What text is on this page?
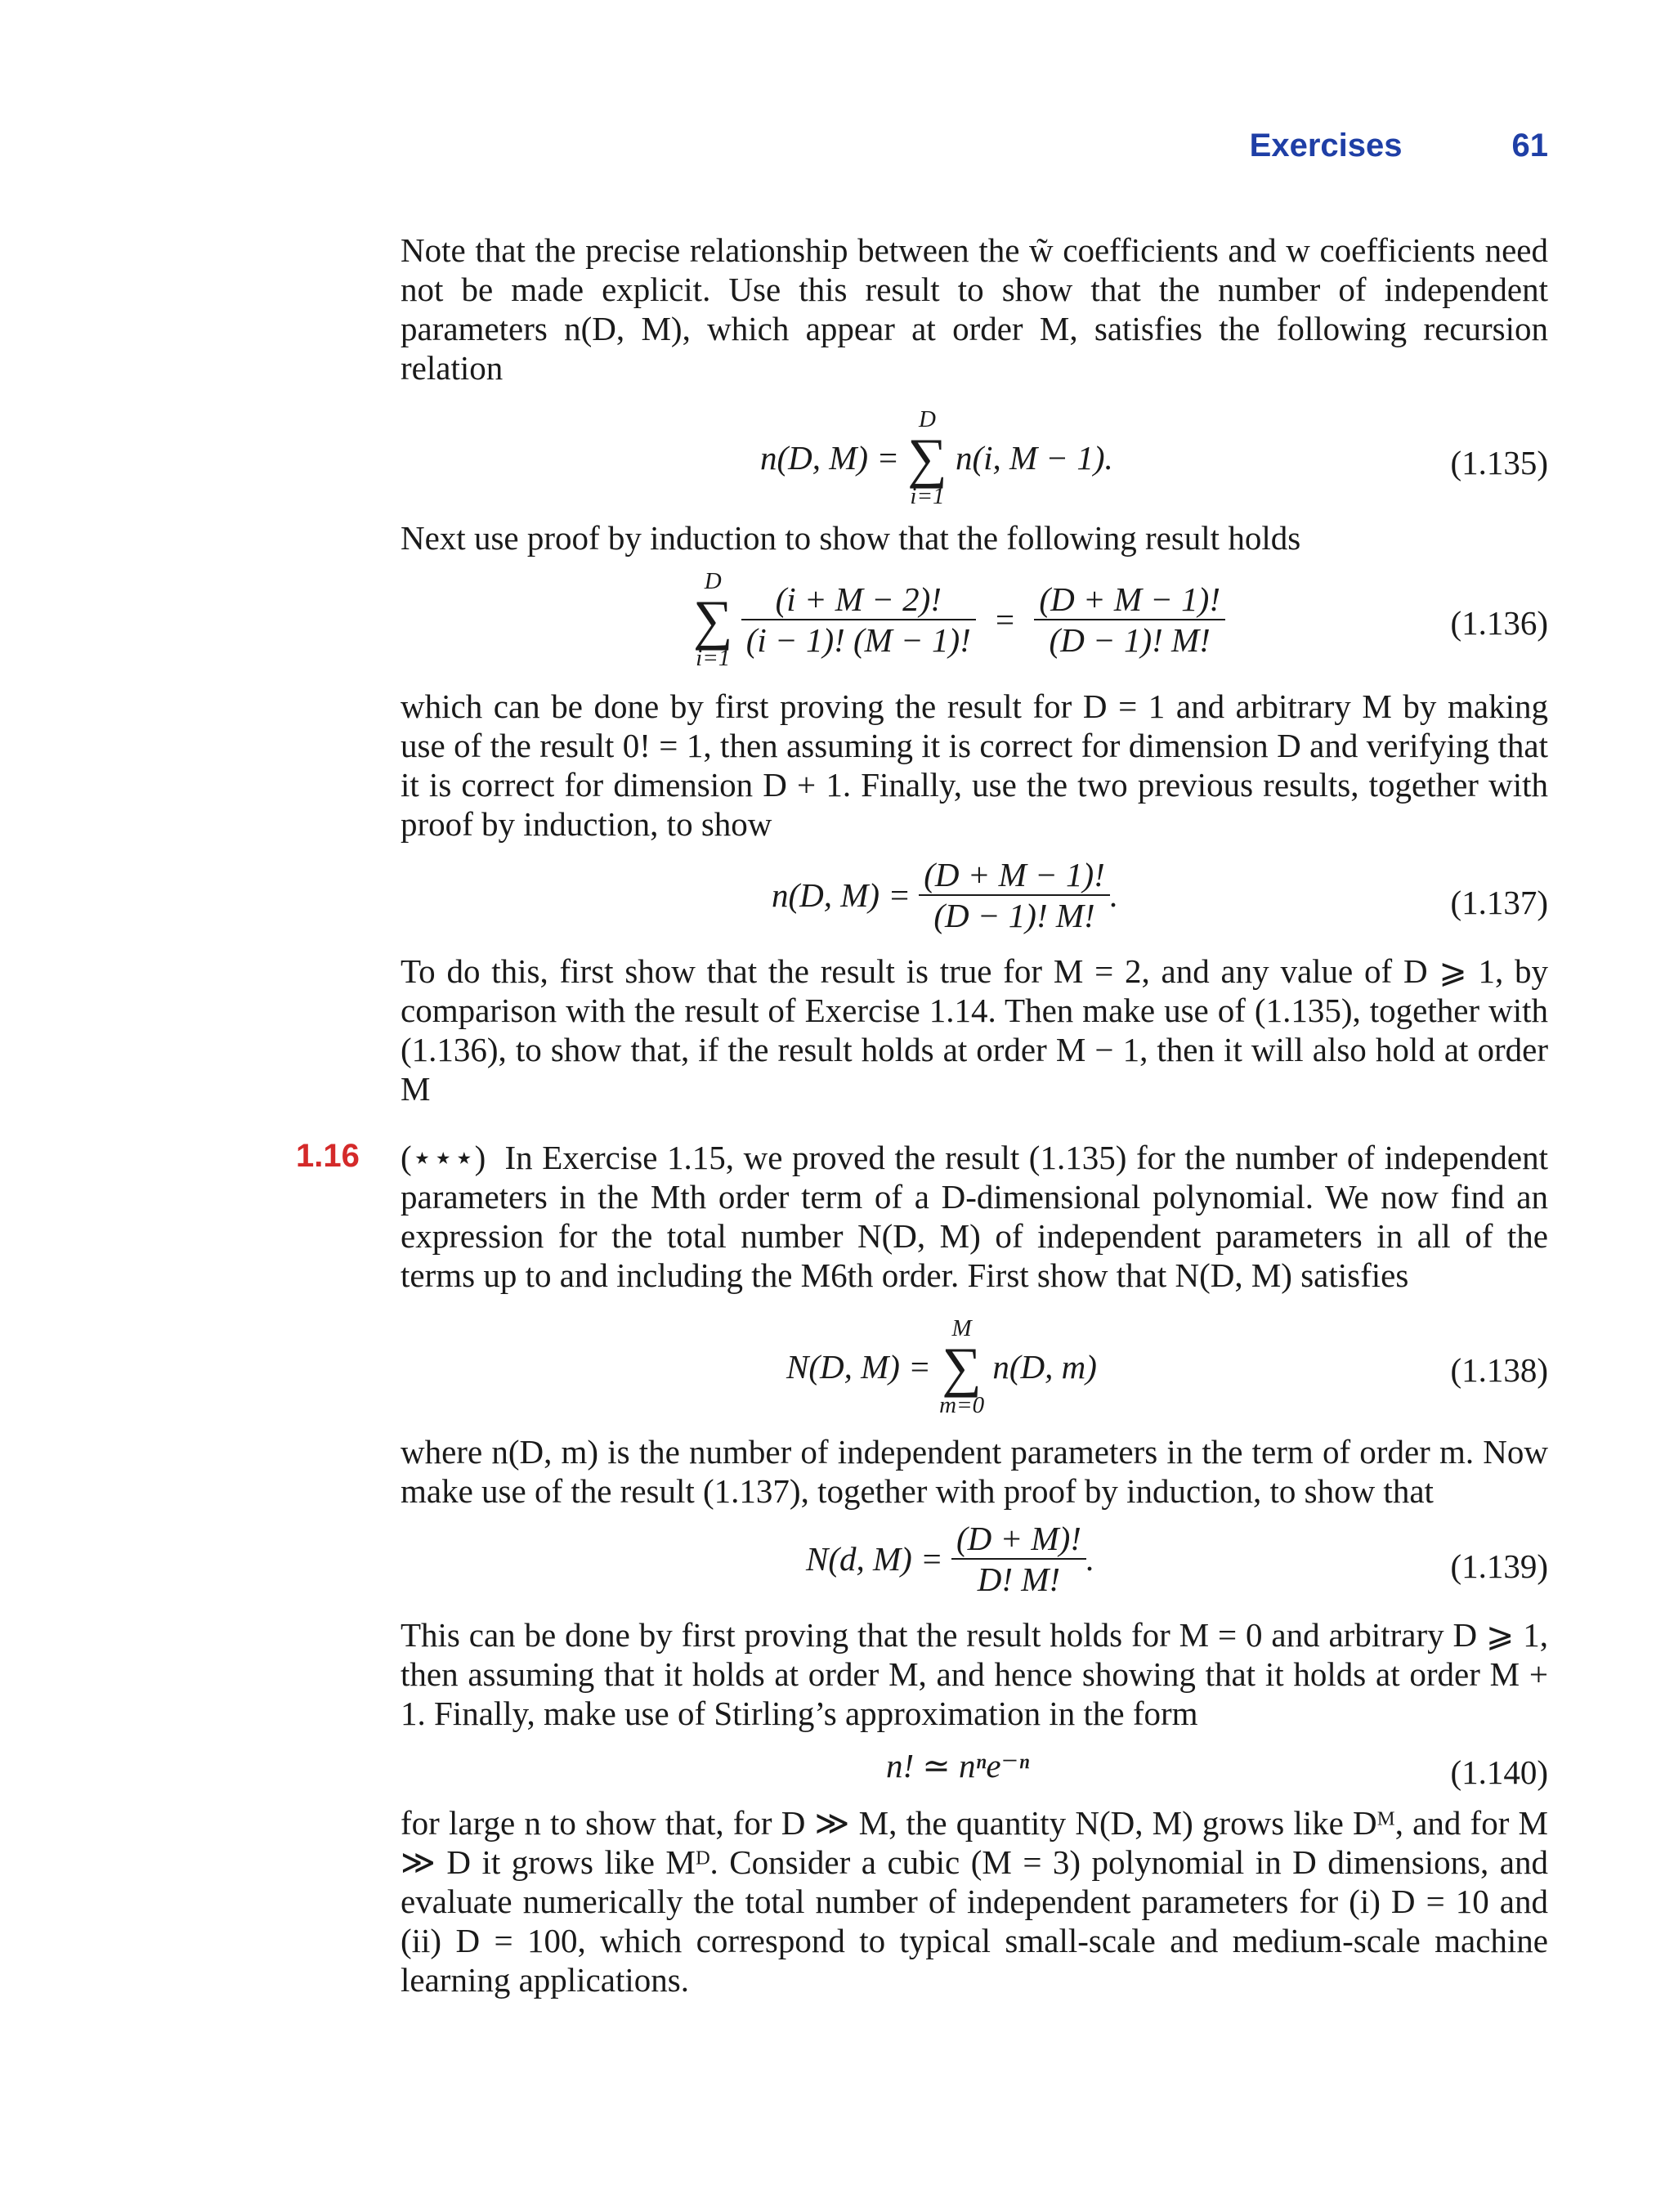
Exercises	61

Note that the precise relationship between the w̃ coefficients and w coefficients need not be made explicit. Use this result to show that the number of independent parameters n(D, M), which appear at order M, satisfies the following recursion relation

n(D, M) =
D
∑
i=1
n(i, M − 1).	(1.135)

Next use proof by induction to show that the following result holds

D
∑
i=1
$\frac{(i + M - 2)!}{(i - 1)! (M - 1)!} = \frac{(D + M - 1)!}{(D - 1)! M!}$	(1.136)

which can be done by first proving the result for D = 1 and arbitrary M by making use of the result 0! = 1, then assuming it is correct for dimension D and verifying that it is correct for dimension D + 1. Finally, use the two previous results, together with proof by induction, to show

n(D, $M) = \frac{(D + M - 1)!}{(D - 1)! M!}$ .	(1.137)

To do this, first show that the result is true for M = 2, and any value of D ⩾ 1, by comparison with the result of Exercise 1.14. Then make use of (1.135), together with (1.136), to show that, if the result holds at order M − 1, then it will also hold at order M

1.16 (⋆⋆⋆) In Exercise 1.15, we proved the result (1.135) for the number of independent parameters in the Mth order term of a D-dimensional polynomial. We now find an expression for the total number N(D, M) of independent parameters in all of the terms up to and including the M6th order. First show that N(D, M) satisfies

N(D, M) =
M
∑
m=0
n(D, m)	(1.138)

where n(D, m) is the number of independent parameters in the term of order m. Now make use of the result (1.137), together with proof by induction, to show that

N(d, $M) = \frac{(D + M)!}{D! M!}$ .	(1.139)

This can be done by first proving that the result holds for M = 0 and arbitrary D ⩾ 1, then assuming that it holds at order M, and hence showing that it holds at order M + 1. Finally, make use of Stirling’s approximation in the form

n! ≃ nⁿe⁻ⁿ	(1.140)

for large n to show that, for D ≫ M, the quantity N(D, M) grows like Dᴹ, and for M ≫ D it grows like Mᴰ. Consider a cubic (M = 3) polynomial in D dimensions, and evaluate numerically the total number of independent parameters for (i) D = 10 and (ii) D = 100, which correspond to typical small-scale and medium-scale machine learning applications.
